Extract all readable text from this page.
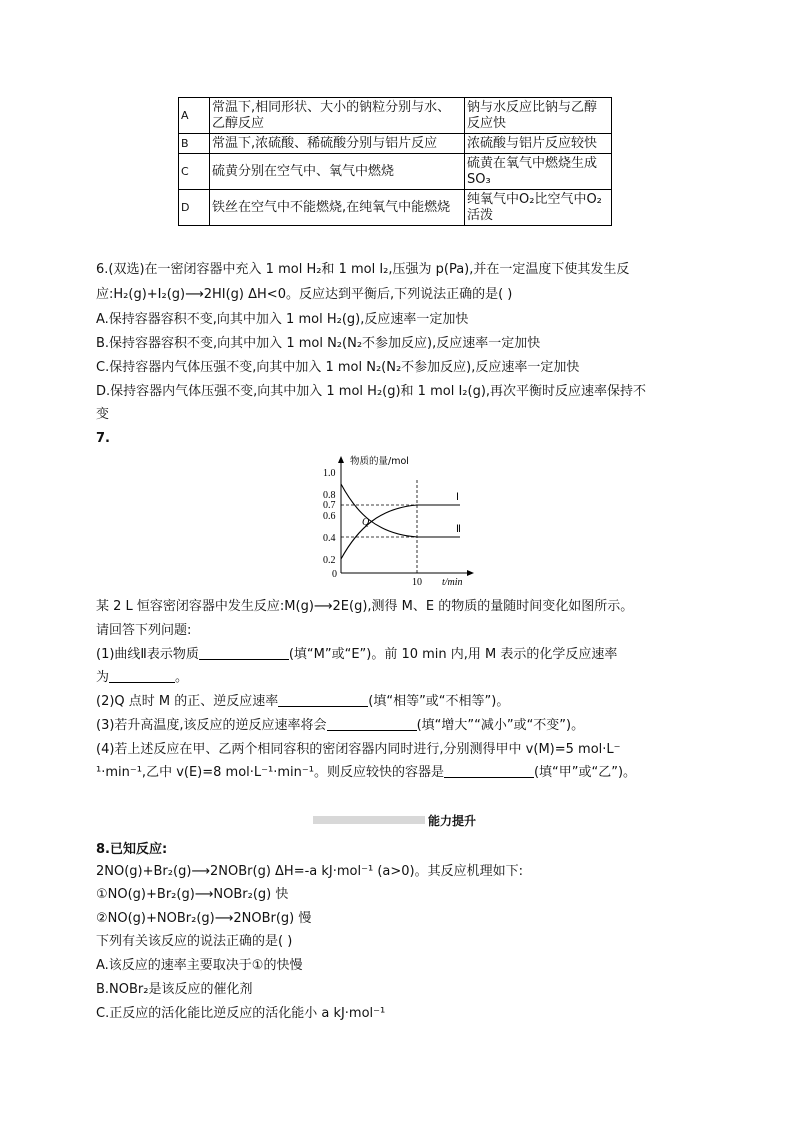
A	常温下,相同形状、大小的钠粒分别与水、乙醇反应	钠与水反应比钠与乙醇反应快
B	常温下,浓硫酸、稀硫酸分别与铝片反应	浓硫酸与铝片反应较快
C	硫黄分别在空气中、氧气中燃烧	硫黄在氧气中燃烧生成SO₃
D	铁丝在空气中不能燃烧,在纯氧气中能燃烧	纯氧气中O₂比空气中O₂活泼
6.(双选)在一密闭容器中充入 1 mol H₂和 1 mol I₂,压强为 p(Pa),并在一定温度下使其发生反
应:H₂(g)+I₂(g)⟶2HI(g) ΔH<0。反应达到平衡后,下列说法正确的是( )
A.保持容器容积不变,向其中加入 1 mol H₂(g),反应速率一定加快
B.保持容器容积不变,向其中加入 1 mol N₂(N₂不参加反应),反应速率一定加快
C.保持容器内气体压强不变,向其中加入 1 mol N₂(N₂不参加反应),反应速率一定加快
D.保持容器内气体压强不变,向其中加入 1 mol H₂(g)和 1 mol I₂(g),再次平衡时反应速率保持不
变
7.
物质的量/mol
t/min
0
1.0
0.8
0.7
0.6
0.4
0.2
10
Ⅰ
Ⅱ
Q
某 2 L 恒容密闭容器中发生反应:M(g)⟶2E(g),测得 M、E 的物质的量随时间变化如图所示。
请回答下列问题:
(1)曲线Ⅱ表示物质	(填“M”或“E”)。前 10 min 内,用 M 表示的化学反应速率
为	。
(2)Q 点时 M 的正、逆反应速率	(填“相等”或“不相等”)。
(3)若升高温度,该反应的逆反应速率将会	(填“增大”“减小”或“不变”)。
(4)若上述反应在甲、乙两个相同容积的密闭容器内同时进行,分别测得甲中 v(M)=5 mol·L⁻
¹·min⁻¹,乙中 v(E)=8 mol·L⁻¹·min⁻¹。则反应较快的容器是	(填“甲”或“乙”)。
能力提升
8.已知反应:
2NO(g)+Br₂(g)⟶2NOBr(g) ΔH=-a kJ·mol⁻¹ (a>0)。其反应机理如下:
①NO(g)+Br₂(g)⟶NOBr₂(g) 快
②NO(g)+NOBr₂(g)⟶2NOBr(g) 慢
下列有关该反应的说法正确的是( )
A.该反应的速率主要取决于①的快慢
B.NOBr₂是该反应的催化剂
C.正反应的活化能比逆反应的活化能小 a kJ·mol⁻¹
